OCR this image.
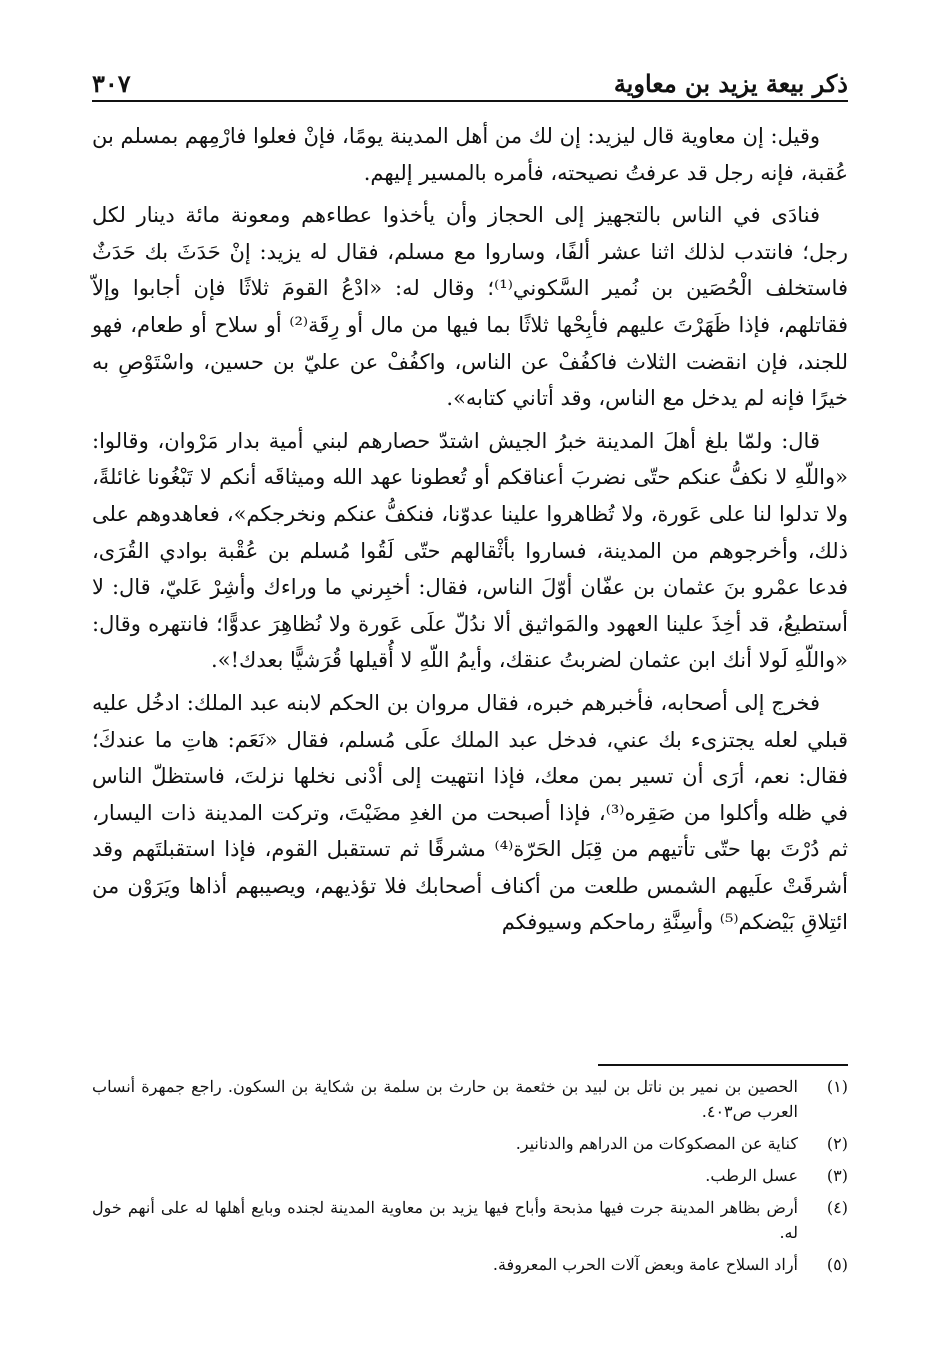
ذكر بيعة يزيد بن معاوية
٣٠٧

وقيل: إن معاوية قال ليزيد: إن لك من أهل المدينة يومًا، فإنْ فعلوا فارْمِهم بمسلم بن عُقبة، فإنه رجل قد عرفتُ نصيحته، فأمره بالمسير إليهم.

فنادَى في الناس بالتجهيز إلى الحجاز وأن يأخذوا عطاءهم ومعونة مائة دينار لكل رجل؛ فانتدب لذلك اثنا عشر ألفًا، وساروا مع مسلم، فقال له يزيد: إنْ حَدَثَ بك حَدَثٌ فاستخلف الْحُصَين بن نُمير السَّكوني⁽¹⁾؛ وقال له: «ادْعُ القومَ ثلاثًا فإن أجابوا وإلاّ فقاتلهم، فإذا ظَهَرْتَ عليهم فأبِحْها ثلاثًا بما فيها من مال أو رِقَة⁽²⁾ أو سلاح أو طعام، فهو للجند، فإن انقضت الثلاث فاكفُفْ عن الناس، واكفُفْ عن عليّ بن حسين، واسْتَوْصِ به خيرًا فإنه لم يدخل مع الناس، وقد أتاني كتابه».

قال: ولمّا بلغ أهلَ المدينة خبرُ الجيش اشتدّ حصارهم لبني أمية بدار مَرْوان، وقالوا: «واللّهِ لا نكفُّ عنكم حتّى نضربَ أعناقكم أو تُعطونا عهد الله وميثاقَه أنكم لا تَبْغُونا غائلةً، ولا تدلوا لنا على عَورة، ولا تُظاهروا علينا عدوّنا، فنكفُّ عنكم ونخرجكم»، فعاهدوهم على ذلك، وأخرجوهم من المدينة، فساروا بأثْقالهم حتّى لَقُوا مُسلم بن عُقْبة بوادي القُرَى، فدعا عمْرو بنَ عثمان بن عفّان أوّلَ الناس، فقال: أخبِرني ما وراءك وأشِرْ عَليّ، قال: لا أستطيعُ، قد أخِذَ علينا العهود والمَواثيق ألا ندُلّ علَى عَورة ولا نُظاهِرَ عدوًّا؛ فانتهره وقال: «واللّهِ لَولا أنك ابن عثمان لضربتُ عنقك، وأيمُ اللّهِ لا أُقيلها قُرَشيًّا بعدك!».

فخرج إلى أصحابه، فأخبرهم خبره، فقال مروان بن الحكم لابنه عبد الملك: ادخُل عليه قبلي لعله يجتزىء بك عني، فدخل عبد الملك علَى مُسلم، فقال «نَعَم: هاتِ ما عندكَ؛ فقال: نعم، أرَى أن تسير بمن معك، فإذا انتهيت إلى أدْنى نخلها نزلتَ، فاستظلّ الناس في ظله وأكلوا من صَقِره⁽³⁾، فإذا أصبحت من الغدِ مضَيْتَ، وتركت المدينة ذات اليسار، ثم دُرْتَ بها حتّى تأتيهم من قِبَل الحَرّة⁽⁴⁾ مشرقًا ثم تستقبل القوم، فإذا استقبلتَهم وقد أشرقَتْ علَيهم الشمس طلعت من أكناف أصحابك فلا تؤذيهم، ويصيبهم أذاها ويَرَوْن من ائتِلاقِ بَيْضكم⁽⁵⁾ وأسِنَّةِ رماحكم وسيوفكم

(١)
الحصين بن نمير بن ناتل بن لبيد بن خثعمة بن حارث بن سلمة بن شكاية بن السكون. راجع جمهرة أنساب العرب ص٤٠٣.
(٢)
كناية عن المصكوكات من الدراهم والدنانير.
(٣)
عسل الرطب.
(٤)
أرض بظاهر المدينة جرت فيها مذبحة وأباح فيها يزيد بن معاوية المدينة لجنده وبايع أهلها له على أنهم خول له.
(٥)
أراد السلاح عامة وبعض آلات الحرب المعروفة.
